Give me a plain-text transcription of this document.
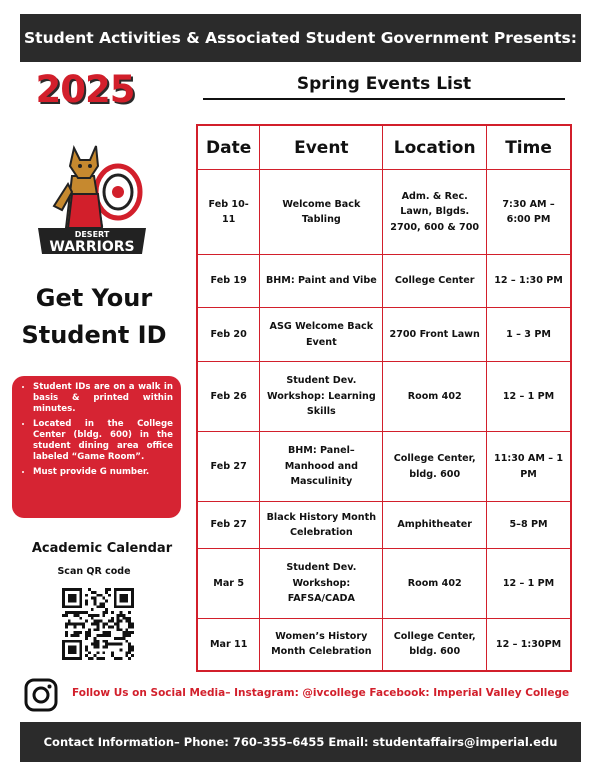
Student Activities & Associated Student Government Presents:
2025	Spring Events List
DESERT
WARRIORS
Get Your
Student ID
• Student IDs are on a walk in basis & printed within minutes.
• Located in the College Center (bldg. 600) in the student dining area office labeled “Game Room”.
• Must provide G number.
Academic Calendar
Scan QR code
Date	Event	Location	Time
Feb 10-11	Welcome Back Tabling	Adm. & Rec. Lawn, Blgds. 2700, 600 & 700	7:30 AM – 6:00 PM
Feb 19	BHM: Paint and Vibe	College Center	12 – 1:30 PM
Feb 20	ASG Welcome Back Event	2700 Front Lawn	1 – 3 PM
Feb 26	Student Dev. Workshop: Learning Skills	Room 402	12 – 1 PM
Feb 27	BHM: Panel– Manhood and Masculinity	College Center, bldg. 600	11:30 AM – 1 PM
Feb 27	Black History Month Celebration	Amphitheater	5–8 PM
Mar 5	Student Dev. Workshop: FAFSA/CADA	Room 402	12 – 1 PM
Mar 11	Women’s History Month Celebration	College Center, bldg. 600	12 – 1:30PM
Follow Us on Social Media– Instagram: @ivcollege Facebook: Imperial Valley College
Contact Information– Phone: 760–355–6455 Email: studentaffairs@imperial.edu
